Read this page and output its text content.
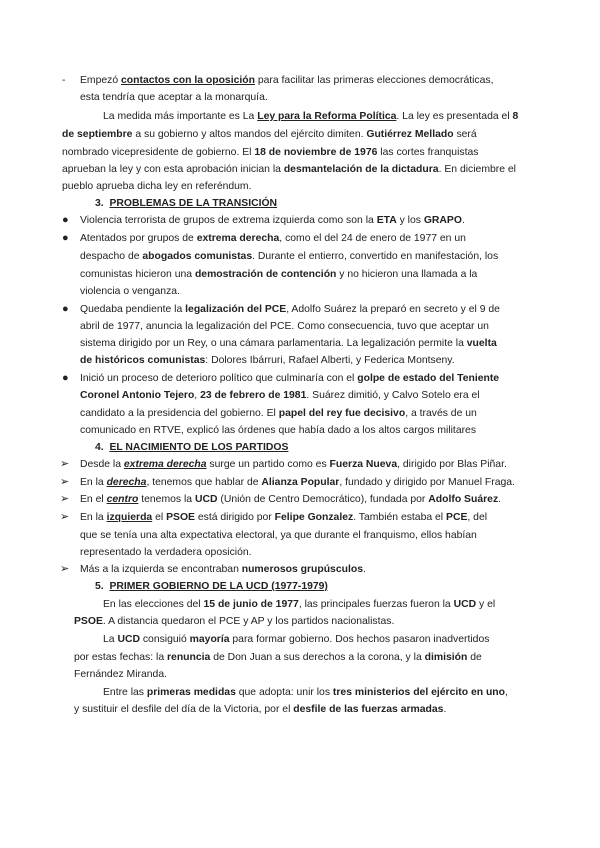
- Empezó contactos con la oposición para facilitar las primeras elecciones democráticas,
esta tendría que aceptar a la monarquía.
La medida más importante es La Ley para la Reforma Política. La ley es presentada el 8
de septiembre a su gobierno y altos mandos del ejército dimiten. Gutiérrez Mellado será
nombrado vicepresidente de gobierno. El 18 de noviembre de 1976 las cortes franquistas
aprueban la ley y con esta aprobación inician la desmantelación de la dictadura. En diciembre el
pueblo aprueba dicha ley en referéndum.
3. PROBLEMAS DE LA TRANSICIÓN
● Violencia terrorista de grupos de extrema izquierda como son la ETA y los GRAPO.
● Atentados por grupos de extrema derecha, como el del 24 de enero de 1977 en un
despacho de abogados comunistas. Durante el entierro, convertido en manifestación, los
comunistas hicieron una demostración de contención y no hicieron una llamada a la
violencia o venganza.
● Quedaba pendiente la legalización del PCE, Adolfo Suárez la preparó en secreto y el 9 de
abril de 1977, anuncia la legalización del PCE. Como consecuencia, tuvo que aceptar un
sistema dirigido por un Rey, o una cámara parlamentaria. La legalización permite la vuelta
de históricos comunistas: Dolores Ibárruri, Rafael Alberti, y Federica Montseny.
● Inició un proceso de deterioro político que culminaría con el golpe de estado del Teniente
Coronel Antonio Tejero, 23 de febrero de 1981. Suárez dimitió, y Calvo Sotelo era el
candidato a la presidencia del gobierno. El papel del rey fue decisivo, a través de un
comunicado en RTVE, explicó las órdenes que había dado a los altos cargos militares
4. EL NACIMIENTO DE LOS PARTIDOS
➢ Desde la extrema derecha surge un partido como es Fuerza Nueva, dirigido por Blas Piñar.
➢ En la derecha, tenemos que hablar de Alianza Popular, fundado y dirigido por Manuel Fraga.
➢ En el centro tenemos la UCD (Unión de Centro Democrático), fundada por Adolfo Suárez.
➢ En la izquierda el PSOE está dirigido por Felipe Gonzalez. También estaba el PCE, del
que se tenía una alta expectativa electoral, ya que durante el franquismo, ellos habían
representado la verdadera oposición.
➢ Más a la izquierda se encontraban numerosos grupúsculos.
5. PRIMER GOBIERNO DE LA UCD (1977-1979)
En las elecciones del 15 de junio de 1977, las principales fuerzas fueron la UCD y el
PSOE. A distancia quedaron el PCE y AP y los partidos nacionalistas.
La UCD consiguió mayoría para formar gobierno. Dos hechos pasaron inadvertidos
por estas fechas: la renuncia de Don Juan a sus derechos a la corona, y la dimisión de
Fernández Miranda.
Entre las primeras medidas que adopta: unir los tres ministerios del ejército en uno,
y sustituir el desfile del día de la Victoria, por el desfile de las fuerzas armadas.
